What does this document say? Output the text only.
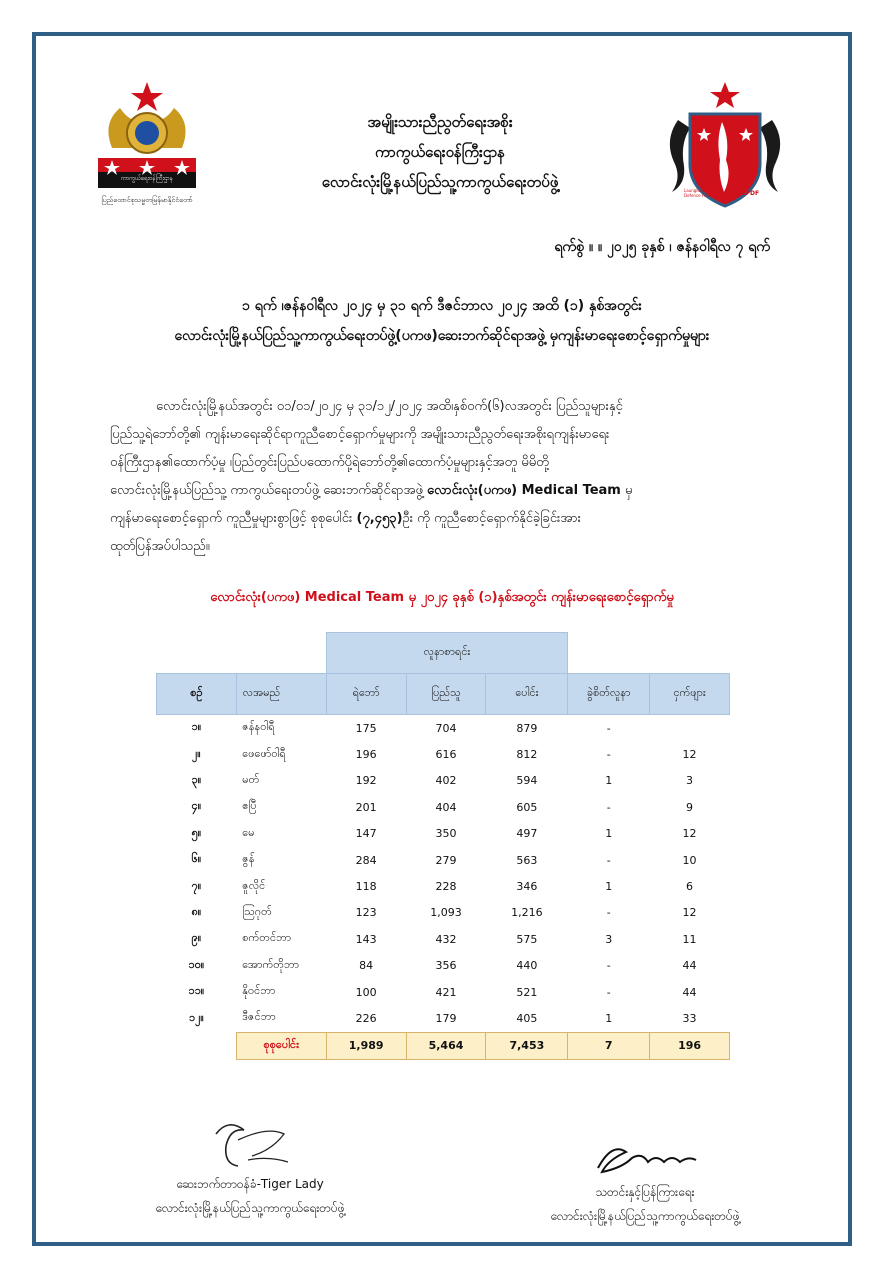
ကာကွယ်ရေးဝန်ကြီးဌာန
ပြည်ထောင်စုသမ္မတမြန်မာနိုင်ငံတော်
Launglone People's Defence Force	LLPDF
အမျိုးသားညီညွတ်ရေးအစိုး
ကာကွယ်ရေးဝန်ကြီးဌာန
လောင်းလုံးမြို့နယ်ပြည်သူ့ကာကွယ်ရေးတပ်ဖွဲ့
ရက်စွဲ ။ ။ ၂၀၂၅ ခုနှစ် ၊ ဇန်နဝါရီလ ၇ ရက်
၁ ရက် ၊ဇန်နဝါရီလ ၂၀၂၄ မှ ၃၁ ရက် ဒီဇင်ဘာလ ၂၀၂၄ အထိ (၁) နှစ်အတွင်း
လောင်းလုံးမြို့နယ်ပြည်သူ့ကာကွယ်ရေးတပ်ဖွဲ့(ပကဖ)ဆေးဘက်ဆိုင်ရာအဖွဲ့ မှကျန်းမာရေးစောင့်ရှောက်မှုများ
လောင်းလုံးမြို့နယ်အတွင်း ၀၁/၀၁/၂၀၂၄ မှ ၃၁/၁၂/၂၀၂၄ အထိ၊နှစ်ဝက်(၆)လအတွင်း ပြည်သူများနှင့်
ပြည်သူ့ရဲဘော်တို့၏ ကျန်းမာရေးဆိုင်ရာကူညီစောင့်ရှောက်မှုများကို အမျိုးသားညီညွတ်ရေးအစိုးရကျန်းမာရေး
ဝန်ကြီးဌာန၏ထောက်ပံ့မှု ၊ပြည်တွင်းပြည်ပထောက်ပို့ရဲဘော်တို့၏ထောက်ပံ့မှုများနှင့်အတူ မိမိတို့
လောင်းလုံးမြို့နယ်ပြည်သူ့ ကာကွယ်ရေးတပ်ဖွဲ့ ဆေးဘက်ဆိုင်ရာအဖွဲ့ လောင်းလုံး(ပကဖ) Medical Team မှ
ကျန်မာရေးစောင့်ရှောက် ကူညီမှုများစွာဖြင့် စုစုပေါင်း (၇,၄၅၃)ဦး ကို ကူညီစောင့်ရှောက်နိုင်ခဲ့ခြင်းအား
ထုတ်ပြန်အပ်ပါသည်။
လောင်းလုံး(ပကဖ) Medical Team မှ ၂၀၂၄ ခုနှစ် (၁)နှစ်အတွင်း ကျန်းမာရေးစောင့်ရှောက်မှု
		လူနာစာရင်း				
စဉ်	လအမည်	ရဲဘော်	ပြည်သူ	ပေါင်း	ခွဲစိတ်လူနာ	ငှက်ဖျား
၁။	ဇန်နဝါရီ	175	704	879	-	
၂။	ဖေဖော်ဝါရီ	196	616	812	-	12
၃။	မတ်	192	402	594	1	3
၄။	ဧပြီ	201	404	605	-	9
၅။	မေ	147	350	497	1	12
၆။	ဇွန်	284	279	563	-	10
၇။	ဇူလိုင်	118	228	346	1	6
၈။	သြဂုတ်	123	1,093	1,216	-	12
၉။	စက်တင်ဘာ	143	432	575	3	11
၁၀။	အောက်တိုဘာ	84	356	440	-	44
၁၁။	နိုဝင်ဘာ	100	421	521	-	44
၁၂။	ဒီဇင်ဘာ	226	179	405	1	33
	စုစုပေါင်း	1,989	5,464	7,453	7	196
ဆေးဘက်တာဝန်ခံ-Tiger Lady
လောင်းလုံးမြို့နယ်ပြည်သူ့ကာကွယ်ရေးတပ်ဖွဲ့
သတင်းနှင့်ပြန်ကြားရေး
လောင်းလုံးမြို့နယ်ပြည်သူ့ကာကွယ်ရေးတပ်ဖွဲ့
